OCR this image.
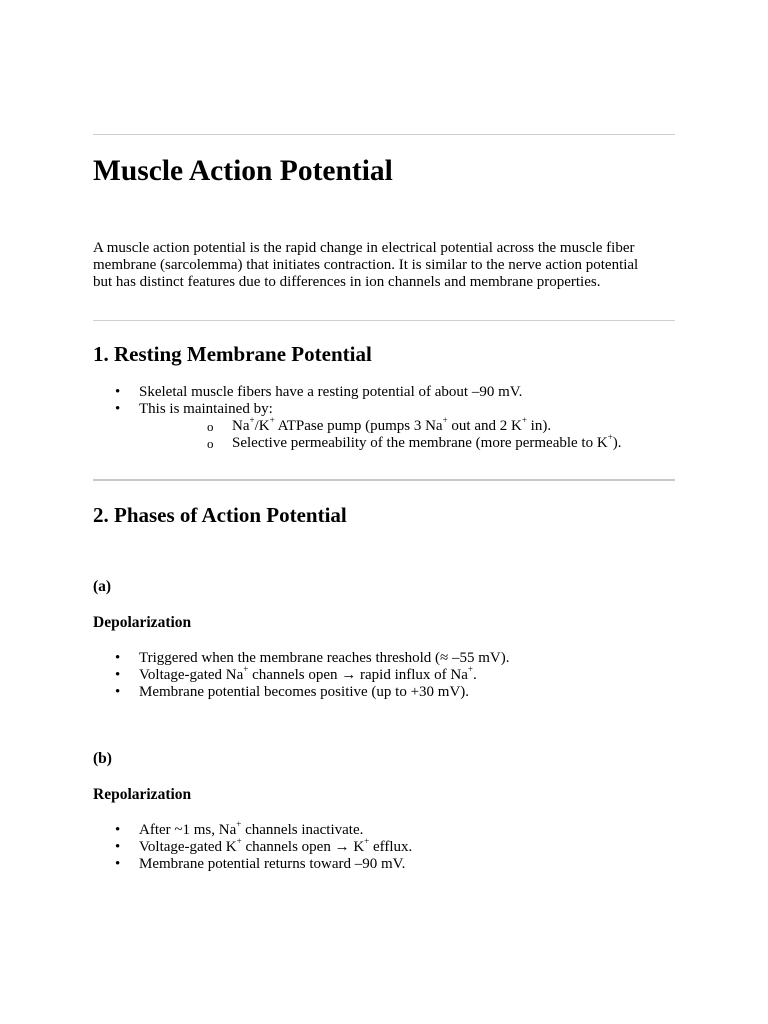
Muscle Action Potential
A muscle action potential is the rapid change in electrical potential across the muscle fiber
membrane (sarcolemma) that initiates contraction. It is similar to the nerve action potential
but has distinct features due to differences in ion channels and membrane properties.
1. Resting Membrane Potential
• Skeletal muscle fibers have a resting potential of about –90 mV.
• This is maintained by:
o Na+/K+ ATPase pump (pumps 3 Na+ out and 2 K+ in).
o Selective permeability of the membrane (more permeable to K+).
2. Phases of Action Potential
(a)
Depolarization
• Triggered when the membrane reaches threshold (≈ –55 mV).
• Voltage-gated Na+ channels open → rapid influx of Na+.
• Membrane potential becomes positive (up to +30 mV).
(b)
Repolarization
• After ~1 ms, Na+ channels inactivate.
• Voltage-gated K+ channels open → K+ efflux.
• Membrane potential returns toward –90 mV.
